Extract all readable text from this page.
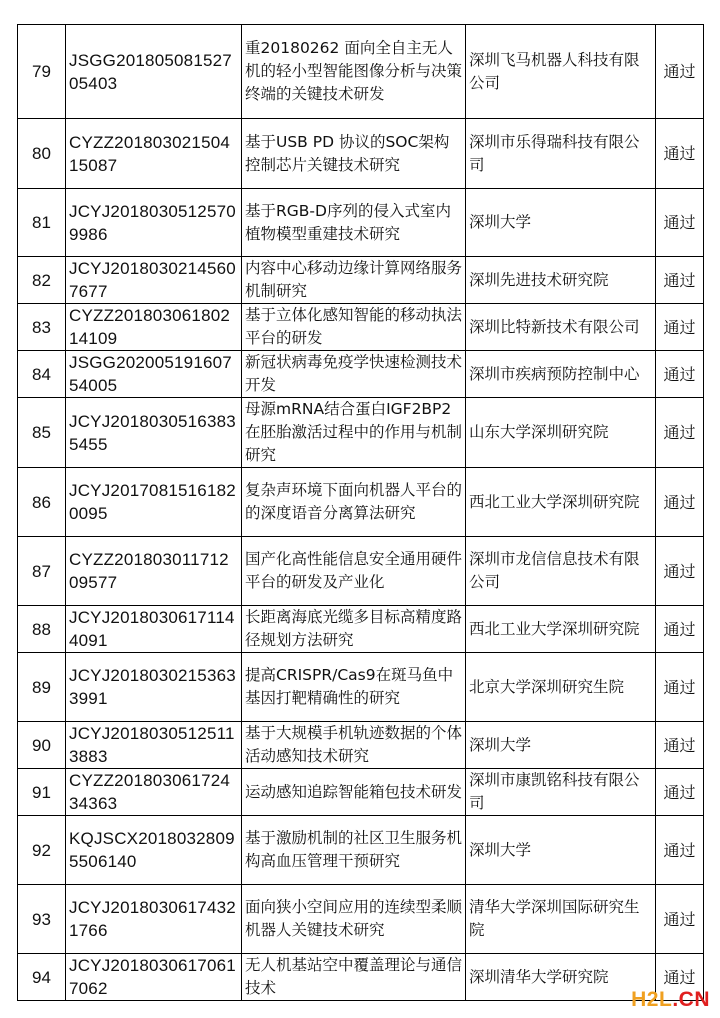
79	JSGG20180508152705403	重20180262 面向全自主无人机的轻小型智能图像分析与决策终端的关键技术研发	深圳飞马机器人科技有限公司	通过
80	CYZZ20180302150415087	基于USB PD 协议的SOC架构控制芯片关键技术研究	深圳市乐得瑞科技有限公司	通过
81	JCYJ20180305125709986	基于RGB-D序列的侵入式室内植物模型重建技术研究	深圳大学	通过
82	JCYJ20180302145607677	内容中心移动边缘计算网络服务机制研究	深圳先进技术研究院	通过
83	CYZZ20180306180214109	基于立体化感知智能的移动执法平台的研发	深圳比特新技术有限公司	通过
84	JSGG20200519160754005	新冠状病毒免疫学快速检测技术开发	深圳市疾病预防控制中心	通过
85	JCYJ20180305163835455	母源mRNA结合蛋白IGF2BP2在胚胎激活过程中的作用与机制研究	山东大学深圳研究院	通过
86	JCYJ20170815161820095	复杂声环境下面向机器人平台的的深度语音分离算法研究	西北工业大学深圳研究院	通过
87	CYZZ20180301171209577	国产化高性能信息安全通用硬件平台的研发及产业化	深圳市龙信信息技术有限公司	通过
88	JCYJ20180306171144091	长距离海底光缆多目标高精度路径规划方法研究	西北工业大学深圳研究院	通过
89	JCYJ20180302153633991	提高CRISPR/Cas9在斑马鱼中基因打靶精确性的研究	北京大学深圳研究生院	通过
90	JCYJ20180305125113883	基于大规模手机轨迹数据的个体活动感知技术研究	深圳大学	通过
91	CYZZ20180306172434363	运动感知追踪智能箱包技术研发	深圳市康凯铭科技有限公司	通过
92	KQJSCX2018032809550614​0	基于激励机制的社区卫生服务机构高血压管理干预研究	深圳大学	通过
93	JCYJ20180306174321766	面向狭小空间应用的连续型柔顺机器人关键技术研究	清华大学深圳国际研究生院	通过
94	JCYJ20180306170617062	无人机基站空中覆盖理论与通信技术	深圳清华大学研究院	通过
H2L.CN
